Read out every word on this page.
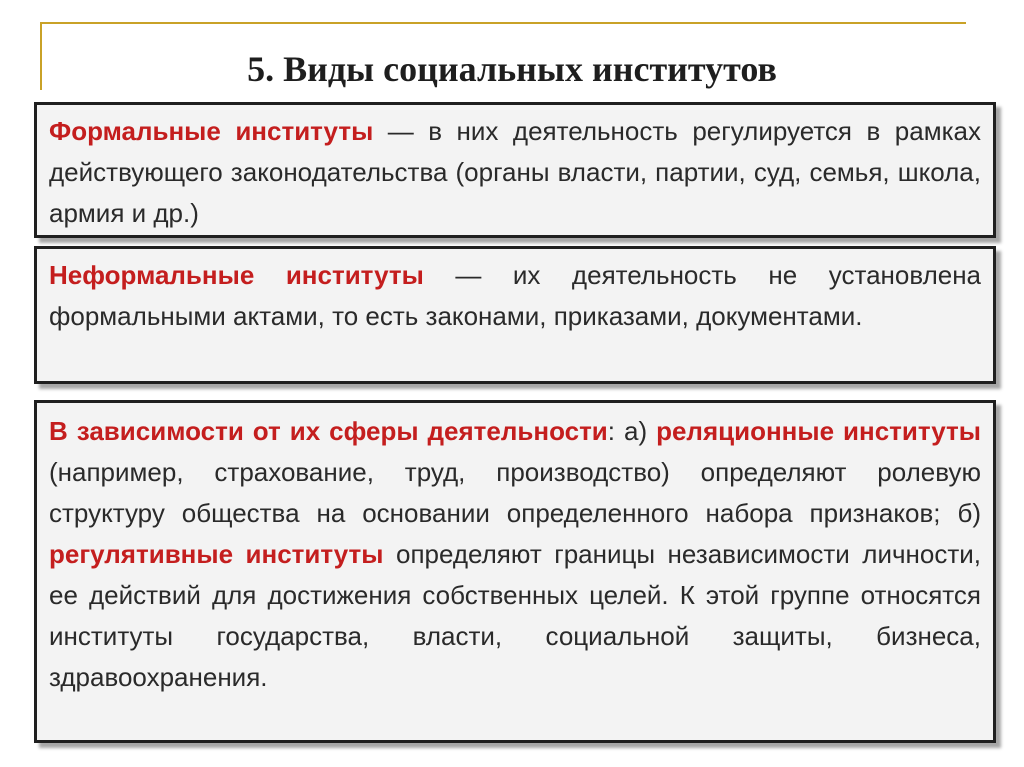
5. Виды социальных институтов
Формальные институты — в них деятельность регулируется в рамках действующего законодательства (органы власти, партии, суд, семья, школа, армия и др.)
Неформальные институты — их деятельность не установлена формальными актами, то есть законами, приказами, документами.
В зависимости от их сферы деятельности: а) реляционные институты (например, страхование, труд, производство) определяют ролевую структуру общества на основании определенного набора признаков; б) регулятивные институты определяют границы независимости личности, ее действий для достижения собственных целей. К этой группе относятся институты государства, власти, социальной защиты, бизнеса, здравоохранения.
